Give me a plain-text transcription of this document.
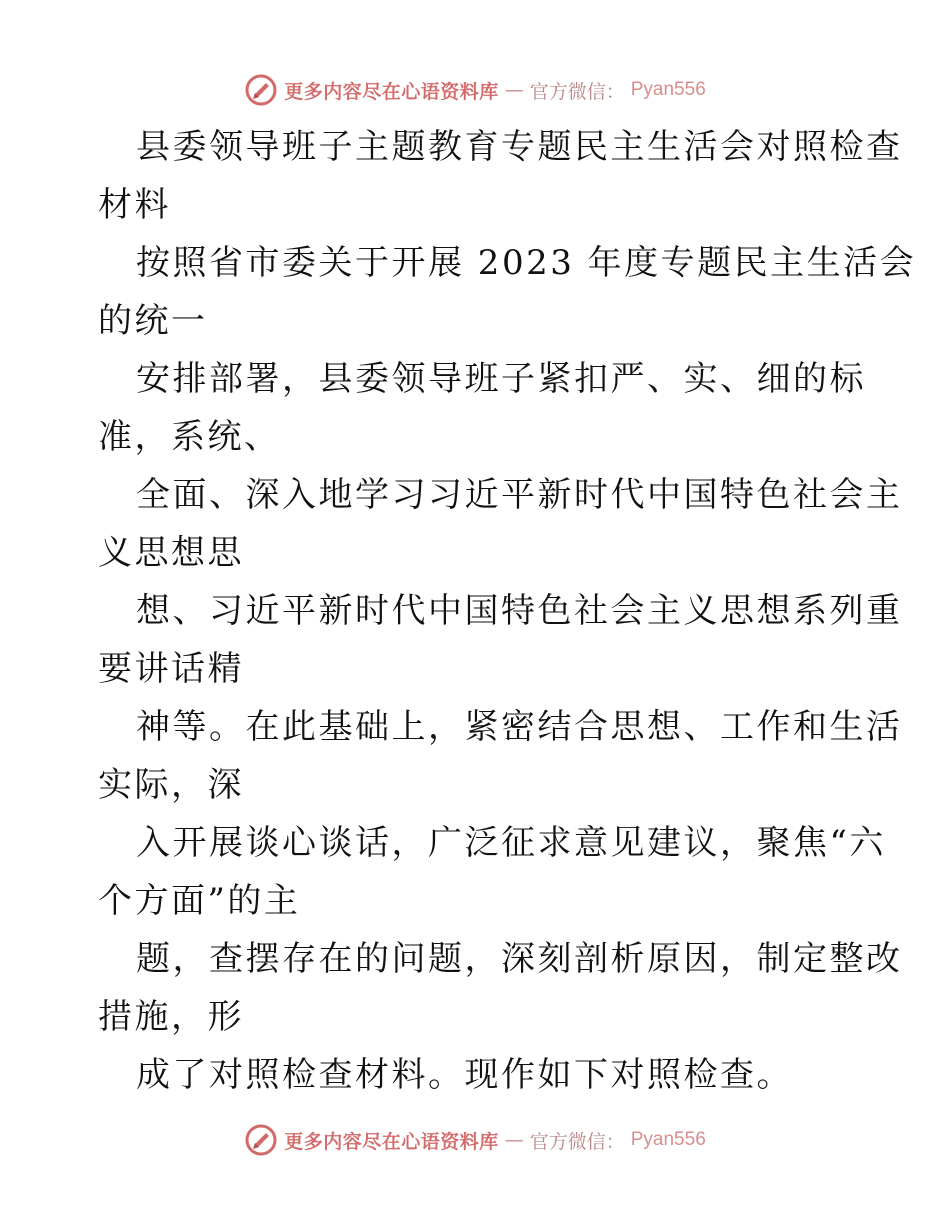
更多内容尽在心语资料库 — 官方微信： Pyan556
县委领导班子主题教育专题民主生活会对照检查
材料
按照省市委关于开展 2023 年度专题民主生活会
的统一
安排部署，县委领导班子紧扣严、实、细的标
准，系统、
全面、深入地学习习近平新时代中国特色社会主
义思想思
想、习近平新时代中国特色社会主义思想系列重
要讲话精
神等。在此基础上，紧密结合思想、工作和生活
实际，深
入开展谈心谈话，广泛征求意见建议，聚焦“六
个方面”的主
题，查摆存在的问题，深刻剖析原因，制定整改
措施，形
成了对照检查材料。现作如下对照检查。
更多内容尽在心语资料库 — 官方微信： Pyan556
